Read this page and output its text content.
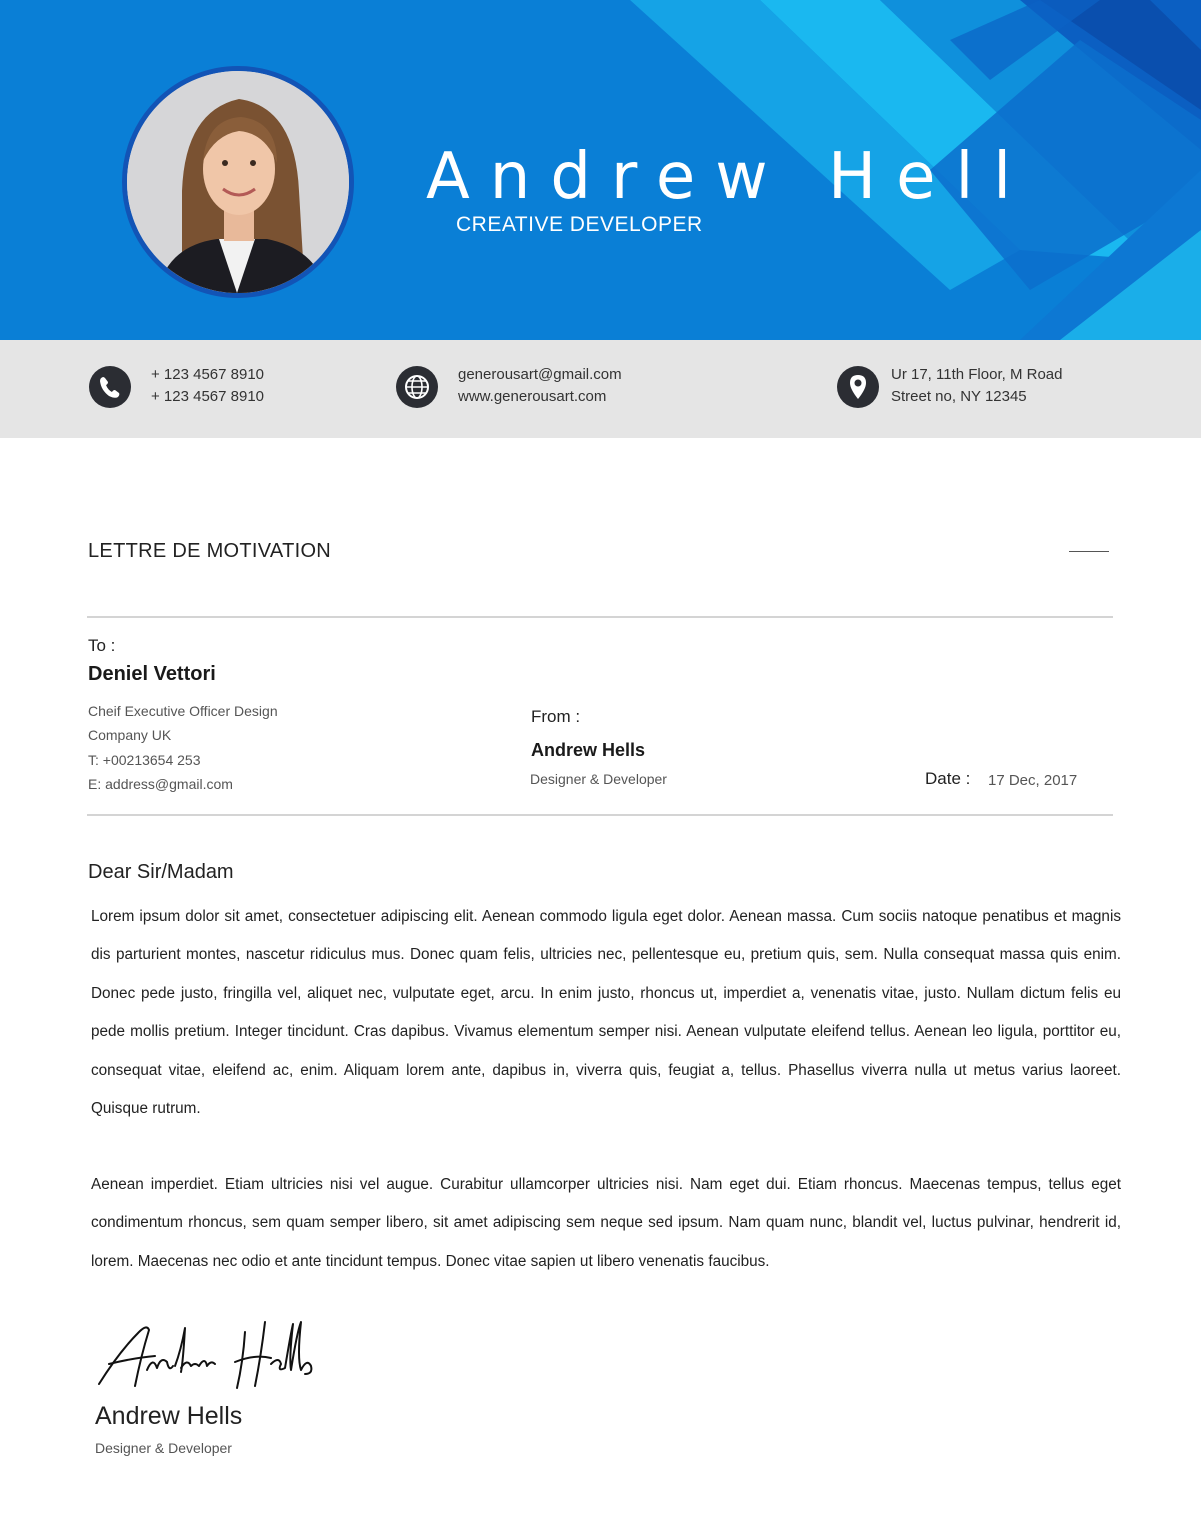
Andrew Hell
CREATIVE DEVELOPER
+ 123 4567 8910
+ 123 4567 8910
generousart@gmail.com
www.generousart.com
Ur 17, 11th Floor, M Road
Street no, NY 12345
LETTRE DE MOTIVATION
To :
Deniel Vettori
Cheif Executive Officer Design
Company UK
T: +00213654 253
E: address@gmail.com
From :
Andrew Hells
Designer & Developer	Date : 17 Dec, 2017
Dear Sir/Madam

Lorem ipsum dolor sit amet, consectetuer adipiscing elit. Aenean commodo ligula eget dolor. Aenean massa. Cum sociis natoque penatibus et magnis dis parturient montes, nascetur ridiculus mus. Donec quam felis, ultricies nec, pellentesque eu, pretium quis, sem. Nulla consequat massa quis enim. Donec pede justo, fringilla vel, aliquet nec, vulputate eget, arcu. In enim justo, rhoncus ut, imperdiet a, venenatis vitae, justo. Nullam dictum felis eu pede mollis pretium. Integer tincidunt. Cras dapibus. Vivamus elementum semper nisi. Aenean vulputate eleifend tellus. Aenean leo ligula, porttitor eu, consequat vitae, eleifend ac, enim. Aliquam lorem ante, dapibus in, viverra quis, feugiat a, tellus. Phasellus viverra nulla ut metus varius laoreet. Quisque rutrum.

Aenean imperdiet. Etiam ultricies nisi vel augue. Curabitur ullamcorper ultricies nisi. Nam eget dui. Etiam rhoncus. Maecenas tempus, tellus eget condimentum rhoncus, sem quam semper libero, sit amet adipiscing sem neque sed ipsum. Nam quam nunc, blandit vel, luctus pulvinar, hendrerit id, lorem. Maecenas nec odio et ante tincidunt tempus. Donec vitae sapien ut libero venenatis faucibus.

Andrew Hells
Designer & Developer
